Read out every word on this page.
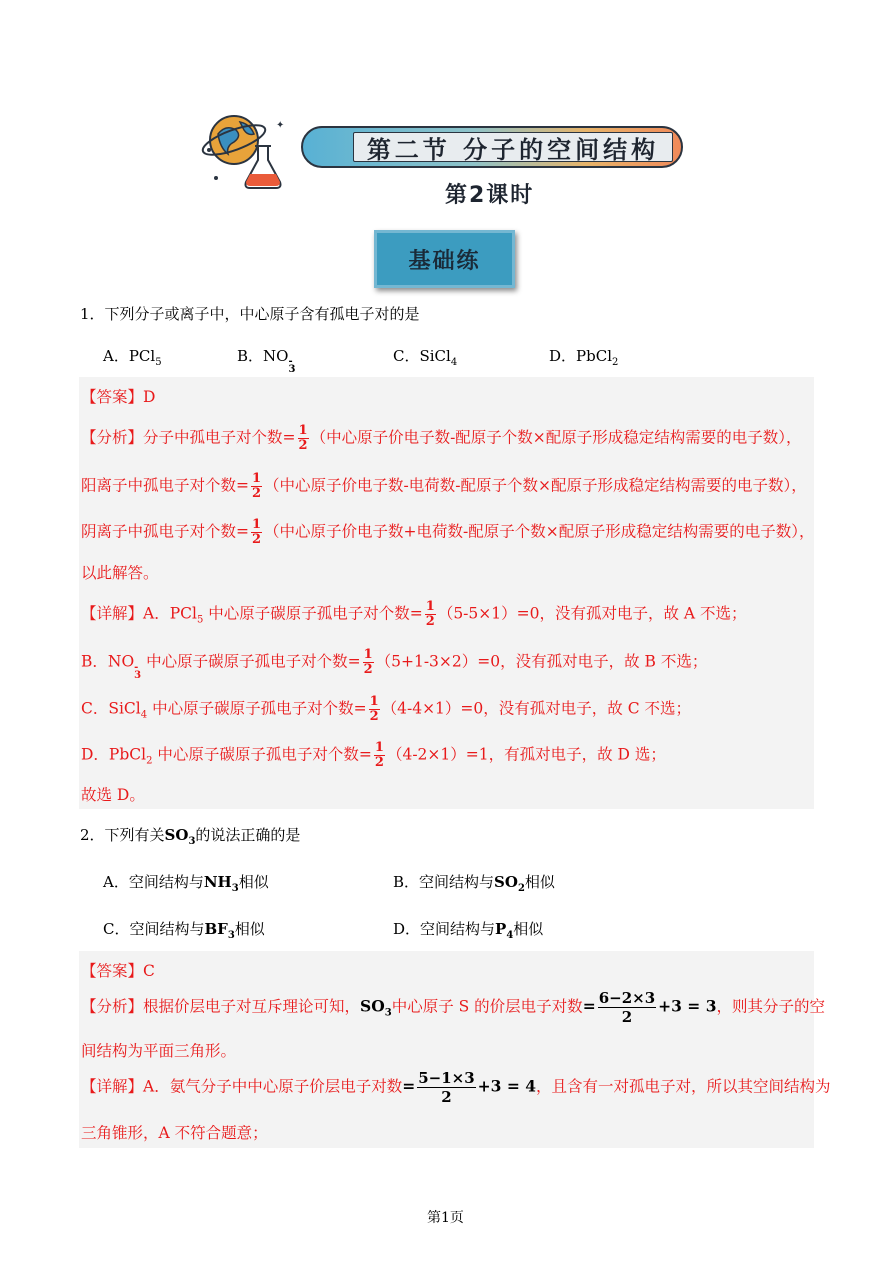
✦
第二节 分子的空间结构
第2课时
基础练
1．下列分子或离子中，中心原子含有孤电子对的是
A．PCl$_5$	B．NO -
3
C．SiCl$_4$	D．PbCl$_2$
【答案】D
【分析】分子中孤电子对个数= $\frac{1}{2}$ （中心原子价电子数-配原子个数×配原子形成稳定结构需要的电子数），
阳离子中孤电子对个数= $\frac{1}{2}$ （中心原子价电子数-电荷数-配原子个数×配原子形成稳定结构需要的电子数），
阴离子中孤电子对个数= $\frac{1}{2}$ （中心原子价电子数+电荷数-配原子个数×配原子形成稳定结构需要的电子数），
以此解答。
【详解】A．PCl$_5$ 中心原子碳原子孤电子对个数= $\frac{1}{2} (5-5\times 1)=0$，没有孤对电子，故 A 不选；
B．NO -
3
中心原子碳原子孤电子对个数= $\frac{1}{2} (5+1-3\times 2)=0$，没有孤对电子，故 B 不选；
C．SiCl$_4$ 中心原子碳原子孤电子对个数= $\frac{1}{2} (4-4\times 1)=0$，没有孤对电子，故 C 不选；
D．PbCl$_2$ 中心原子碳原子孤电子对个数= $\frac{1}{2} (4-2\times 1)=1$，有孤对电子，故 D 选；
故选 D。
2．下列有关$SO_3$的说法正确的是
A．空间结构与$NH_3$相似	B．空间结构与$SO_2$相似
C．空间结构与$BF_3$相似	D．空间结构与$P_4$相似
【答案】C
【分析】根据价层电子对互斥理论可知，$SO_3$中心原子 S 的价层电子对数= $\frac{6-2\times 3}{2} +3 = 3$，则其分子的空
间结构为平面三角形。
【详解】A．氨气分子中中心原子价层电子对数= $\frac{5-1\times 3}{2} +3 = 4$，且含有一对孤电子对，所以其空间结构为
三角锥形，A 不符合题意；
第1页
